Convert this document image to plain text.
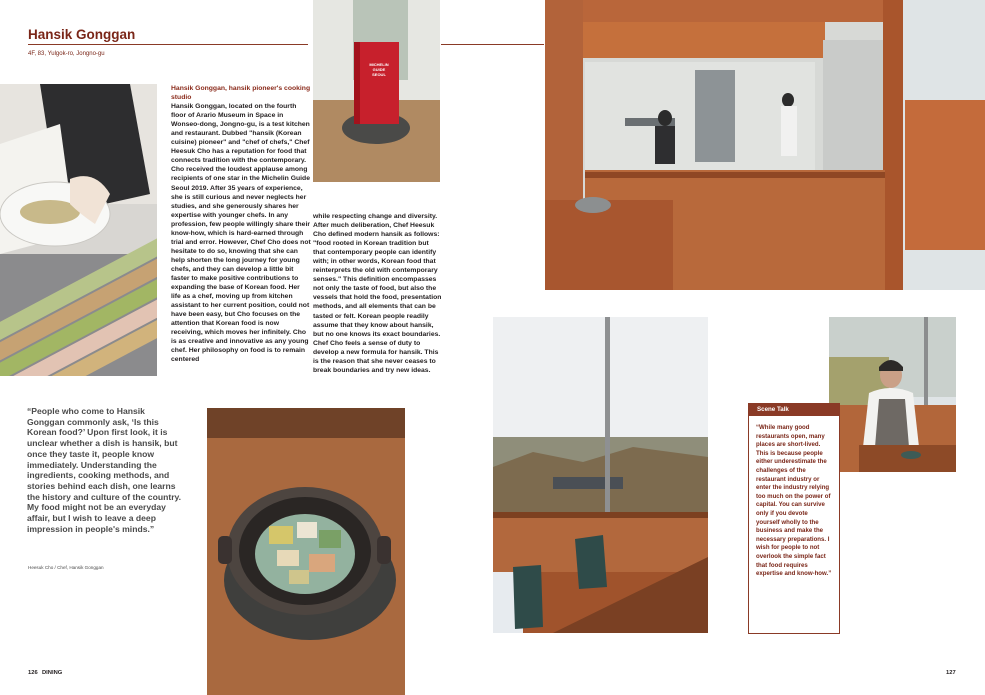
Hansik Gonggan
4F, 83, Yulgok-ro, Jongno-gu

Hansik Gonggan, hansik pioneer's cooking studio

Hansik Gonggan, located on the fourth floor of Arario Museum in Space in Wonseo-dong, Jongno-gu, is a test kitchen and restaurant. Dubbed "hansik (Korean cuisine) pioneer" and "chef of chefs," Chef Heesuk Cho has a reputation for food that connects tradition with the contemporary. Cho received the loudest applause among recipients of one star in the Michelin Guide Seoul 2019. After 35 years of experience, she is still curious and never neglects her studies, and she generously shares her expertise with younger chefs. In any profession, few people willingly share their know-how, which is hard-earned through trial and error. However, Chef Cho does not hesitate to do so, knowing that she can help shorten the long journey for young chefs, and they can develop a little bit faster to make positive contributions to expanding the base of Korean food. Her life as a chef, moving up from kitchen assistant to her current position, could not have been easy, but Cho focuses on the attention that Korean food is now receiving, which moves her infinitely. Cho is as creative and innovative as any young chef. Her philosophy on food is to remain centered

MICHELIN
GUIDE
SEOUL

while respecting change and diversity. After much deliberation, Chef Heesuk Cho defined modern hansik as follows: "food rooted in Korean tradition but that contemporary people can identify with; in other words, Korean food that reinterprets the old with contemporary senses." This definition encompasses not only the taste of food, but also the vessels that hold the food, presentation methods, and all elements that can be tasted or felt. Korean people readily assume that they know about hansik, but no one knows its exact boundaries. Chef Cho feels a sense of duty to develop a new formula for hansik. This is the reason that she never ceases to break boundaries and try new ideas.

“People who come to Hansik Gonggan commonly ask, ‘Is this Korean food?’ Upon first look, it is unclear whether a dish is hansik, but once they taste it, people know immediately. Understanding the ingredients, cooking methods, and stories behind each dish, one learns the history and culture of the country. My food might not be an everyday affair, but I wish to leave a deep impression in people's minds.”
Heesuk Cho / Chef, Hansik Gonggan
126 DINING
Scene Talk
“While many good restaurants open, many places are short-lived. This is because people either underestimate the challenges of the restaurant industry or enter the industry relying too much on the power of capital. You can survive only if you devote yourself wholly to the business and make the necessary preparations. I wish for people to not overlook the simple fact that food requires expertise and know-how.”
127
